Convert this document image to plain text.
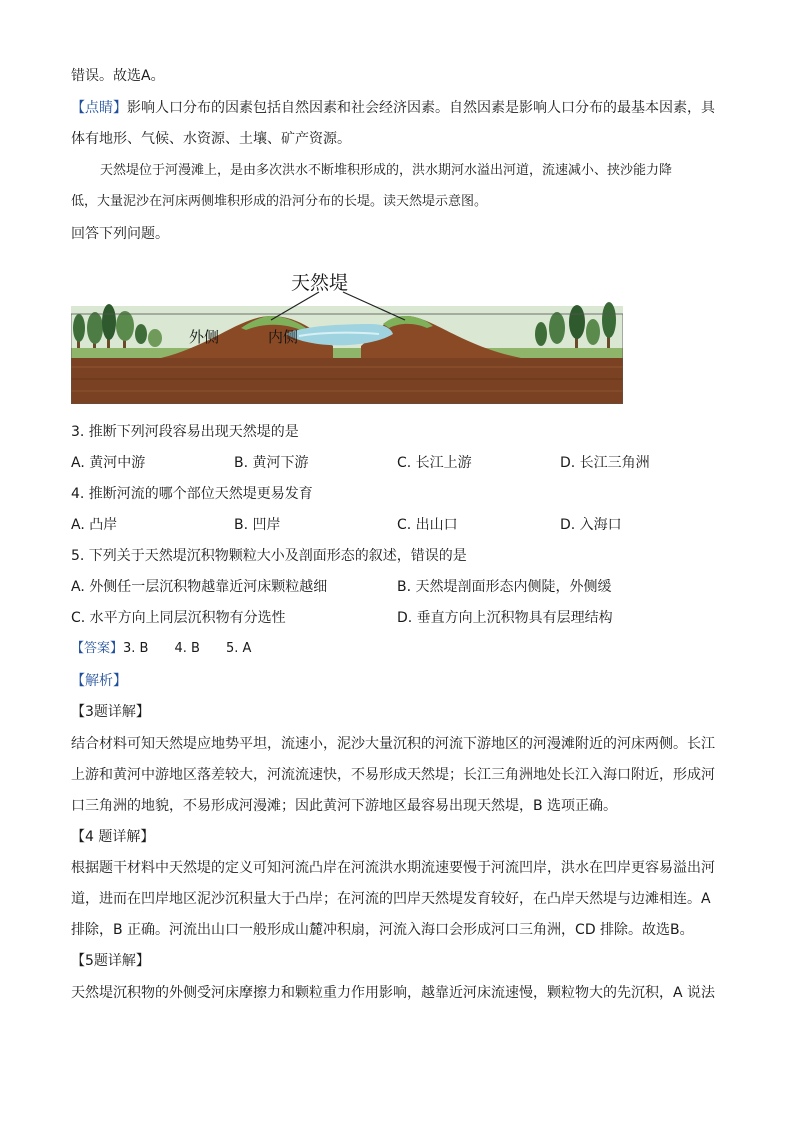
错误。故选A。
【点睛】影响人口分布的因素包括自然因素和社会经济因素。自然因素是影响人口分布的最基本因素，具
体有地形、气候、水资源、土壤、矿产资源。
天然堤位于河漫滩上，是由多次洪水不断堆积形成的，洪水期河水溢出河道，流速减小、挟沙能力降
低，大量泥沙在河床两侧堆积形成的沿河分布的长堤。读天然堤示意图。
回答下列问题。
天然堤
外侧	内侧
3. 推断下列河段容易出现天然堤的是
A. 黄河中游	B. 黄河下游	C. 长江上游	D. 长江三角洲
4. 推断河流的哪个部位天然堤更易发育
A. 凸岸	B. 凹岸	C. 出山口	D. 入海口
5. 下列关于天然堤沉积物颗粒大小及剖面形态的叙述，错误的是
A. 外侧任一层沉积物越靠近河床颗粒越细	B. 天然堤剖面形态内侧陡，外侧缓
C. 水平方向上同层沉积物有分选性	D. 垂直方向上沉积物具有层理结构
【答案】3. B 4. B 5. A
【解析】
【3题详解】
结合材料可知天然堤应地势平坦，流速小，泥沙大量沉积的河流下游地区的河漫滩附近的河床两侧。长江
上游和黄河中游地区落差较大，河流流速快，不易形成天然堤；长江三角洲地处长江入海口附近，形成河
口三角洲的地貌，不易形成河漫滩；因此黄河下游地区最容易出现天然堤，B 选项正确。
【4 题详解】
根据题干材料中天然堤的定义可知河流凸岸在河流洪水期流速要慢于河流凹岸，洪水在凹岸更容易溢出河
道，进而在凹岸地区泥沙沉积量大于凸岸；在河流的凹岸天然堤发育较好，在凸岸天然堤与边滩相连。A
排除，B 正确。河流出山口一般形成山麓冲积扇，河流入海口会形成河口三角洲，CD 排除。故选B。
【5题详解】
天然堤沉积物的外侧受河床摩擦力和颗粒重力作用影响，越靠近河床流速慢，颗粒物大的先沉积，A 说法
